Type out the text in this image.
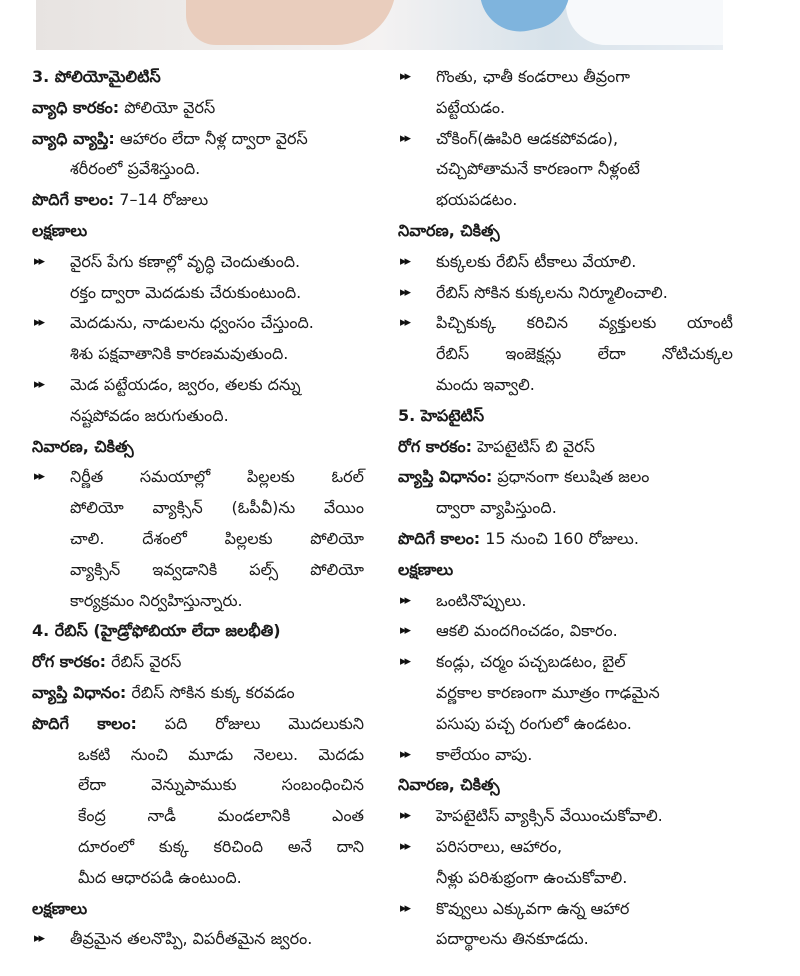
3. పోలియోమైలిటిస్
వ్యాధి కారకం: పోలియో వైరస్
వ్యాధి వ్యాప్తి: ఆహారం లేదా నీళ్ల ద్వారా వైరస్
శరీరంలో ప్రవేశిస్తుంది.
పొదిగే కాలం: 7–14 రోజులు
లక్షణాలు
▸▸ వైరస్ పేగు కణాల్లో వృద్ధి చెందుతుంది.
రక్తం ద్వారా మెదడుకు చేరుకుంటుంది.
▸▸ మెదడును, నాడులను ధ్వంసం చేస్తుంది.
శిశు పక్షవాతానికి కారణమవుతుంది.
▸▸ మెడ పట్టేయడం, జ్వరం, తలకు దన్ను
నష్టపోవడం జరుగుతుంది.
నివారణ, చికిత్స
▸▸ నిర్ణీత సమయాల్లో పిల్లలకు ఓరల్
పోలియో వ్యాక్సిన్ (ఓపీవీ)ను వేయిం
చాలి. దేశంలో పిల్లలకు పోలియో
వ్యాక్సిన్ ఇవ్వడానికి పల్స్ పోలియో
కార్యక్రమం నిర్వహిస్తున్నారు.
4. రేబిస్ (హైడ్రోఫోబియా లేదా జలభీతి)
రోగ కారకం: రేబిస్ వైరస్
వ్యాప్తి విధానం: రేబిస్ సోకిన కుక్క కరవడం
పొదిగే కాలం: పది రోజులు మొదలుకుని
ఒకటి నుంచి మూడు నెలలు. మెదడు
లేదా వెన్నుపాముకు సంబంధించిన
కేంద్ర నాడీ మండలానికి ఎంత
దూరంలో కుక్క కరిచింది అనే దాని
మీద ఆధారపడి ఉంటుంది.
లక్షణాలు
▸▸ తీవ్రమైన తలనొప్పి, విపరీతమైన జ్వరం.
▸▸ గొంతు, ఛాతీ కండరాలు తీవ్రంగా
పట్టేయడం.
▸▸ చోకింగ్(ఊపిరి ఆడకపోవడం),
చచ్చిపోతామనే కారణంగా నీళ్లంటే
భయపడటం.
నివారణ, చికిత్స
▸▸ కుక్కలకు రేబిస్ టీకాలు వేయాలి.
▸▸ రేబిస్ సోకిన కుక్కలను నిర్మూలించాలి.
▸▸ పిచ్చికుక్క కరిచిన వ్యక్తులకు యాంటీ
రేబిస్ ఇంజెక్షన్లు లేదా నోటిచుక్కల
మందు ఇవ్వాలి.
5. హెపటైటిస్
రోగ కారకం: హెపటైటిస్ బి వైరస్
వ్యాప్తి విధానం: ప్రధానంగా కలుషిత జలం
ద్వారా వ్యాపిస్తుంది.
పొదిగే కాలం: 15 నుంచి 160 రోజులు.
లక్షణాలు
▸▸ ఒంటినొప్పులు.
▸▸ ఆకలి మందగించడం, వికారం.
▸▸ కండ్లు, చర్మం పచ్చబడటం, బైల్
వర్ణకాల కారణంగా మూత్రం గాఢమైన
పసుపు పచ్చ రంగులో ఉండటం.
▸▸ కాలేయం వాపు.
నివారణ, చికిత్స
▸▸ హెపటైటిస్ వ్యాక్సిన్ వేయించుకోవాలి.
▸▸ పరిసరాలు, ఆహారం,
నీళ్లు పరిశుభ్రంగా ఉంచుకోవాలి.
▸▸ కొవ్వులు ఎక్కువగా ఉన్న ఆహార
పదార్థాలను తినకూడదు.
